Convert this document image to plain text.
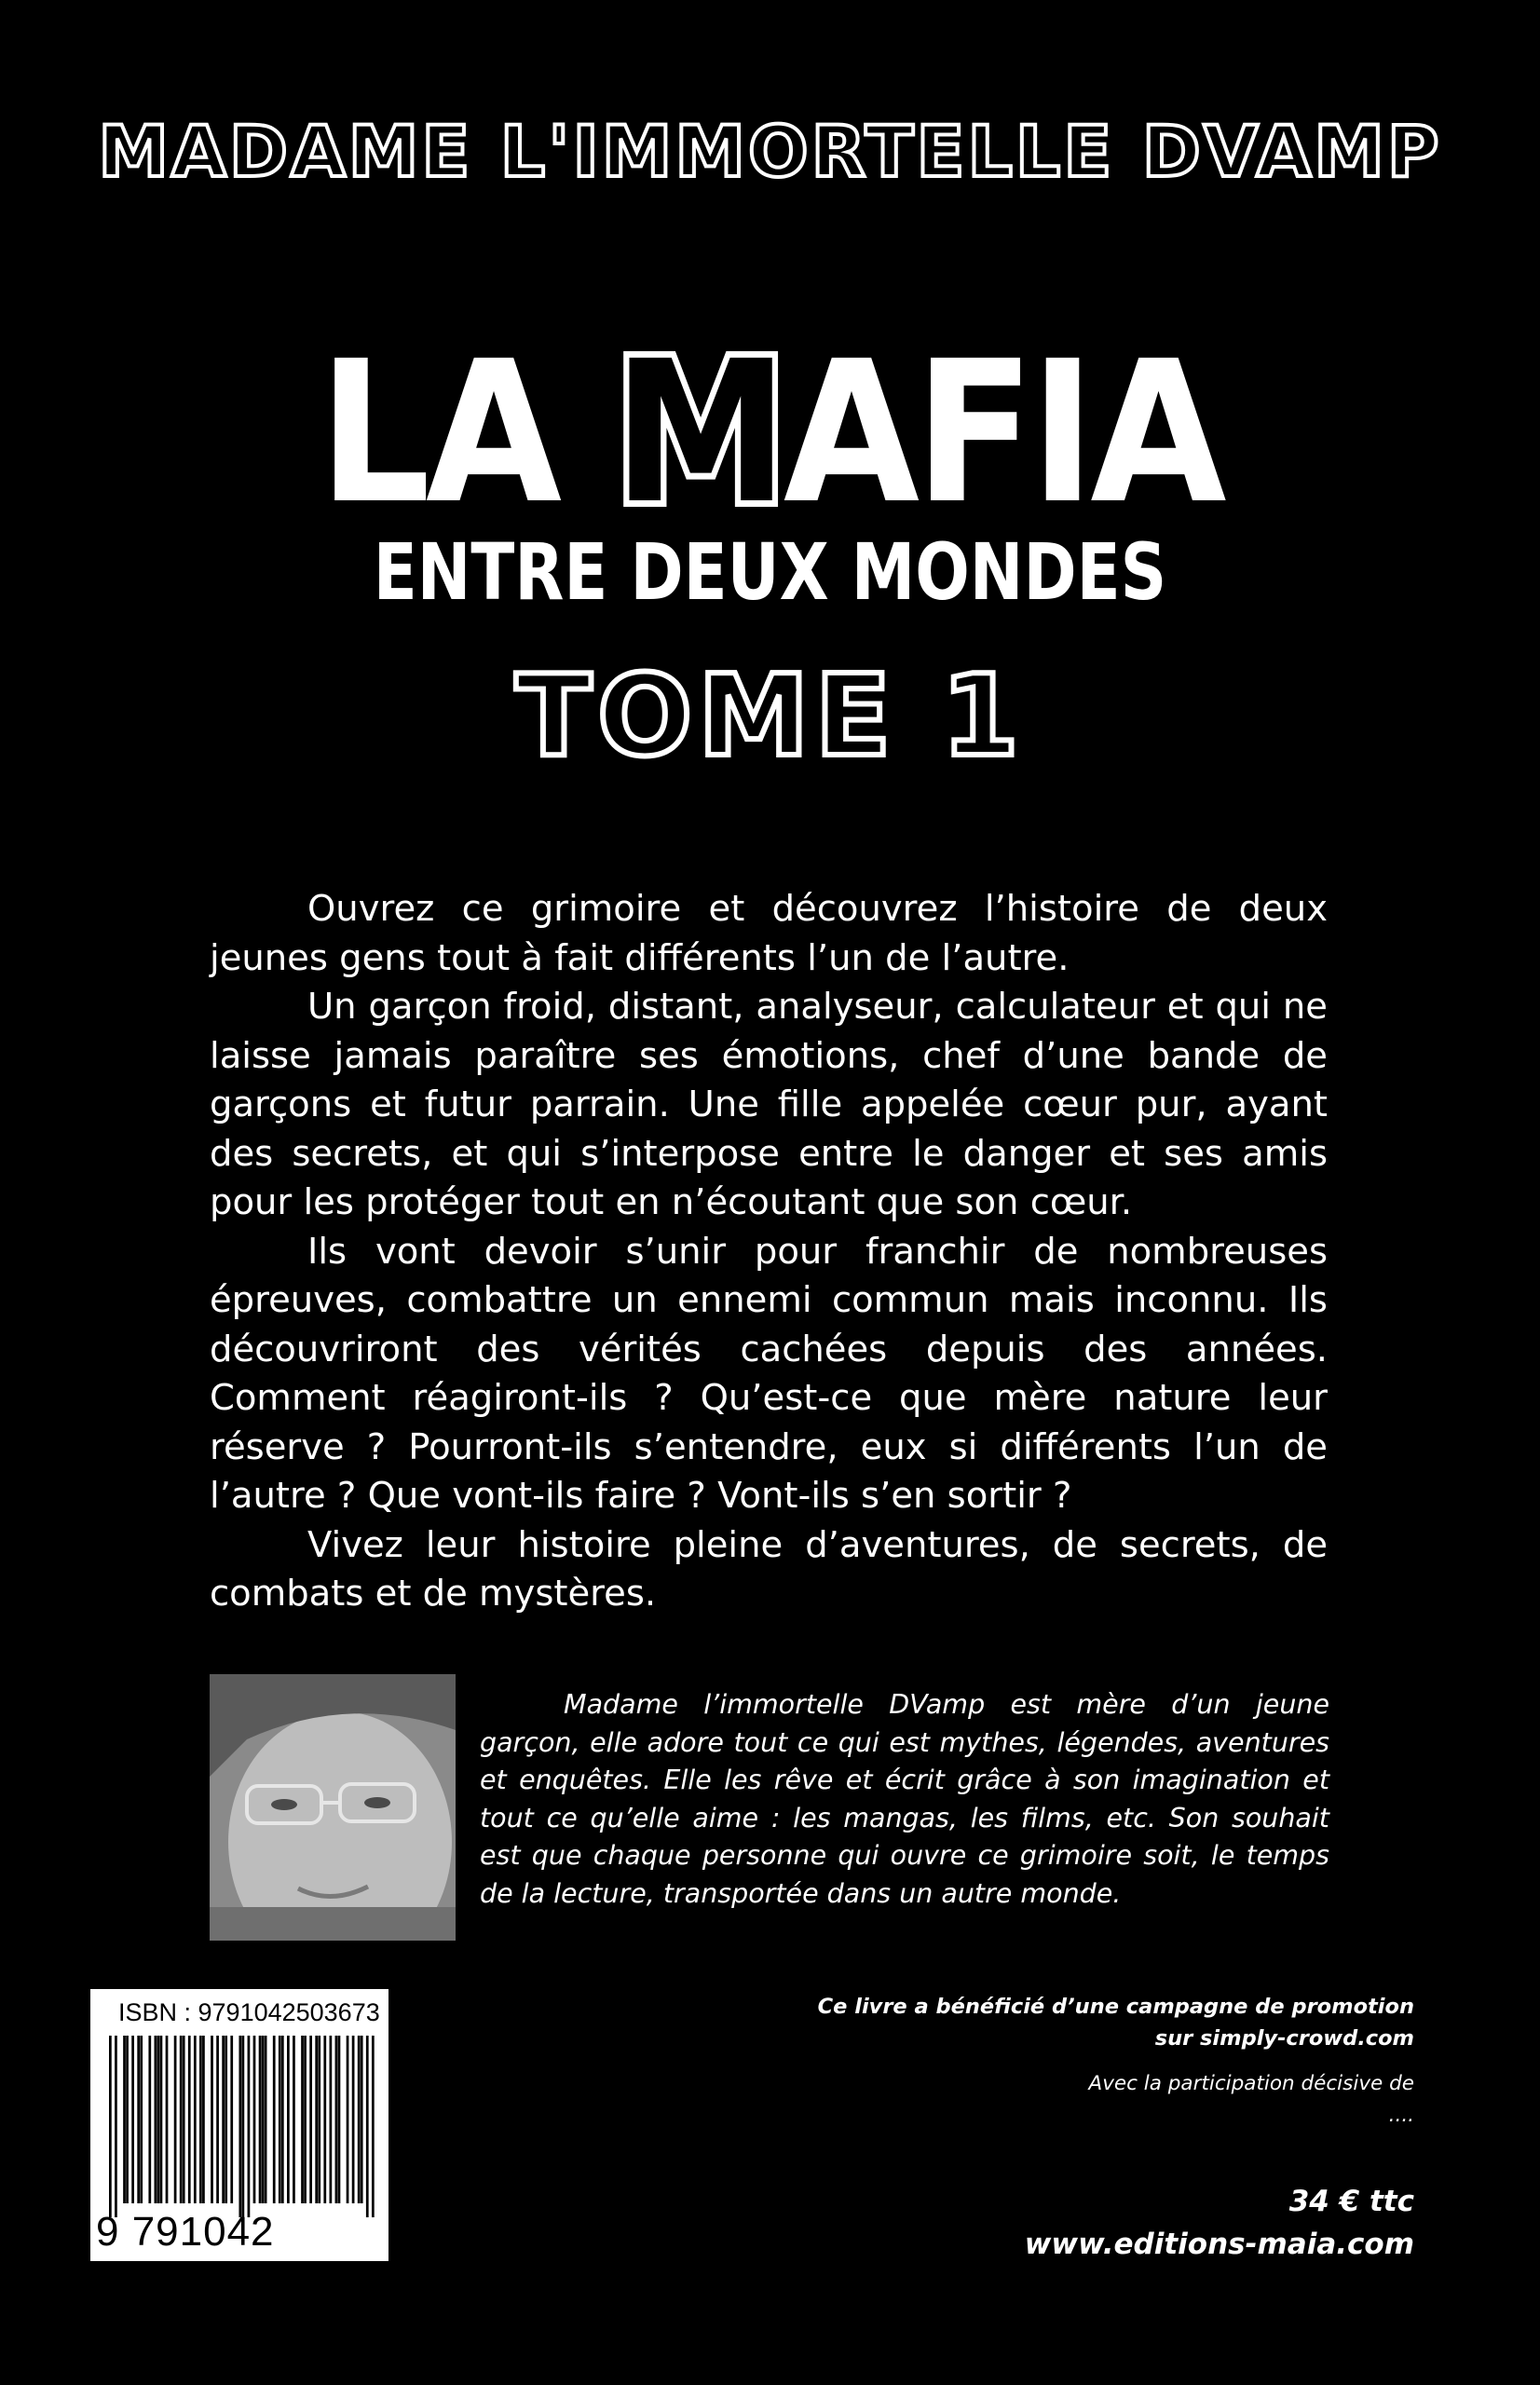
MADAME L'IMMORTELLE DVAMP
LA MAFIA
ENTRE DEUX MONDES
TOME 1

Ouvrez ce grimoire et découvrez l’histoire de deux jeunes gens tout à fait différents l’un de l’autre.

Un garçon froid, distant, analyseur, calculateur et qui ne laisse jamais paraître ses émotions, chef d’une bande de garçons et futur parrain. Une fille appelée cœur pur, ayant des secrets, et qui s’interpose entre le danger et ses amis pour les protéger tout en n’écoutant que son cœur.

Ils vont devoir s’unir pour franchir de nombreuses épreuves, combattre un ennemi commun mais inconnu. Ils découvriront des vérités cachées depuis des années. Comment réagiront-ils ? Qu’est-ce que mère nature leur réserve ? Pourront-ils s’entendre, eux si différents l’un de l’autre ? Que vont-ils faire ? Vont-ils s’en sortir ?

Vivez leur histoire pleine d’aventures, de secrets, de combats et de mystères.

Madame l’immortelle DVamp est mère d’un jeune garçon, elle adore tout ce qui est mythes, légendes, aventures et enquêtes. Elle les rêve et écrit grâce à son imagination et tout ce qu’elle aime : les mangas, les films, etc. Son souhait est que chaque personne qui ouvre ce grimoire soit, le temps de la lecture, transportée dans un autre monde.

ISBN : 9791042503673
9 791042 503673
Ce livre a bénéficié d’une campagne de promotion
sur simply-crowd.com
Avec la participation décisive de
....
34 € ttc
www.editions-maia.com
